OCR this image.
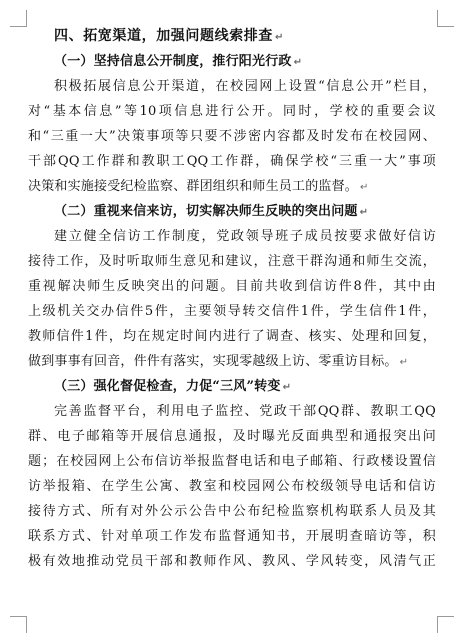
四、拓宽渠道，加强问题线索排查 ↵
（一）坚持信息公开制度，推行阳光行政 ↵
积极拓展信息公开渠道，在校园网上设置“信息公开”栏目，
对“基本信息”等10项信息进行公开。同时，学校的重要会议
和“三重一大”决策事项等只要不涉密内容都及时发布在校园网、
干部QQ工作群和教职工QQ工作群，确保学校“三重一大”事项
决策和实施接受纪检监察、群团组织和师生员工的监督。 ↵
（二）重视来信来访，切实解决师生反映的突出问题 ↵
建立健全信访工作制度，党政领导班子成员按要求做好信访
接待工作，及时听取师生意见和建议，注意干群沟通和师生交流，
重视解决师生反映突出的问题。目前共收到信访件8件，其中由
上级机关交办信件5件，主要领导转交信件1件，学生信件1件，
教师信件1件，均在规定时间内进行了调查、核实、处理和回复，
做到事事有回音，件件有落实，实现零越级上访、零重访目标。 ↵
（三）强化督促检查，力促“三风”转变 ↵
完善监督平台，利用电子监控、党政干部QQ群、教职工QQ
群、电子邮箱等开展信息通报，及时曝光反面典型和通报突出问
题；在校园网上公布信访举报监督电话和电子邮箱、行政楼设置信
访举报箱、在学生公寓、教室和校园网公布校级领导电话和信访
接待方式、所有对外公示公告中公布纪检监察机构联系人员及其
联系方式、针对单项工作发布监督通知书，开展明查暗访等，积
极有效地推动党员干部和教师作风、教风、学风转变，风清气正
